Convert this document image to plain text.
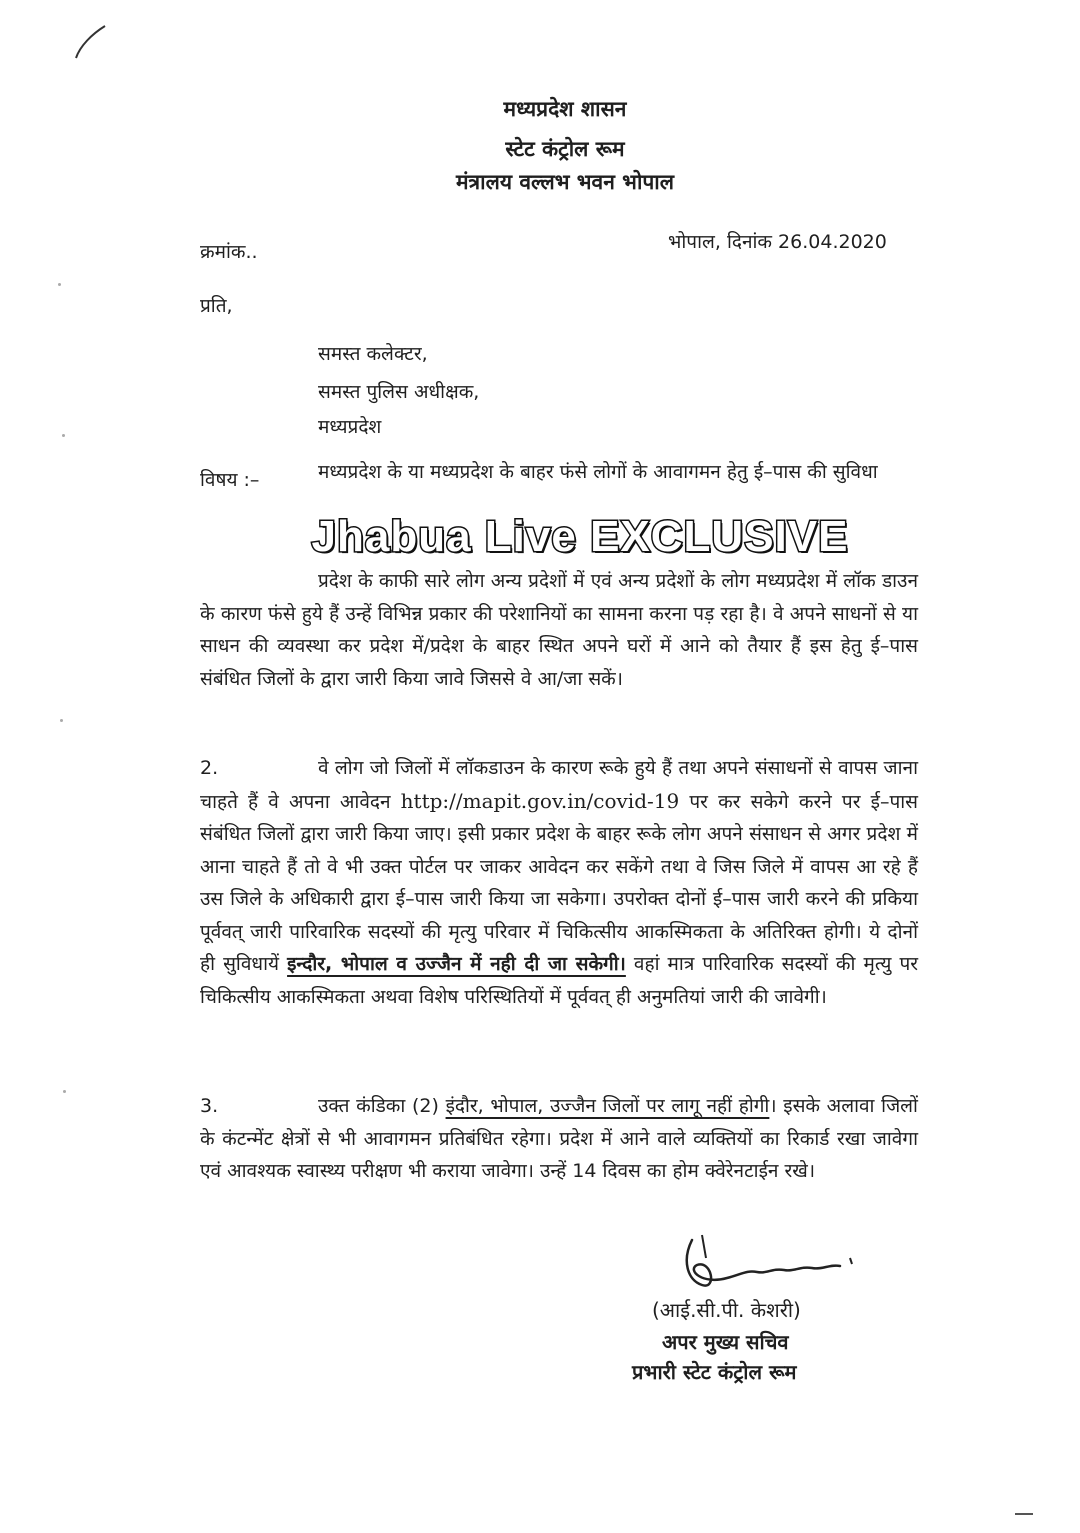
मध्यप्रदेश शासन
स्टेट कंट्रोल रूम
मंत्रालय वल्लभ भवन भोपाल
क्रमांक..	भोपाल, दिनांक 26.04.2020
प्रति,
समस्त कलेक्टर,
समस्त पुलिस अधीक्षक,
मध्यप्रदेश
विषय :–	मध्यप्रदेश के या मध्यप्रदेश के बाहर फंसे लोगों के आवागमन हेतु ई–पास की सुविधा
Jhabua Live EXCLUSIVE
प्रदेश के काफी सारे लोग अन्य प्रदेशों में एवं अन्य प्रदेशों के लोग मध्यप्रदेश में लॉक डाउन के कारण फंसे हुये हैं उन्हें विभिन्न प्रकार की परेशानियों का सामना करना पड़ रहा है। वे अपने साधनों से या साधन की व्यवस्था कर प्रदेश में/प्रदेश के बाहर स्थित अपने घरों में आने को तैयार हैं इस हेतु ई–पास संबंधित जिलों के द्वारा जारी किया जावे जिससे वे आ/जा सकें।
2.	वे लोग जो जिलों में लॉकडाउन के कारण रूके हुये हैं तथा अपने संसाधनों से वापस जाना चाहते हैं वे अपना आवेदन http://mapit.gov.in/covid-19 पर कर सकेगे करने पर ई–पास संबंधित जिलों द्वारा जारी किया जाए। इसी प्रकार प्रदेश के बाहर रूके लोग अपने संसाधन से अगर प्रदेश में आना चाहते हैं तो वे भी उक्त पोर्टल पर जाकर आवेदन कर सकेंगे तथा वे जिस जिले में वापस आ रहे हैं उस जिले के अधिकारी द्वारा ई–पास जारी किया जा सकेगा। उपरोक्त दोनों ई–पास जारी करने की प्रकिया पूर्ववत् जारी पारिवारिक सदस्यों की मृत्यु परिवार में चिकित्सीय आकस्मिकता के अतिरिक्त होगी। ये दोनों ही सुविधायें इन्दौर, भोपाल व उज्जैन में नही दी जा सकेगी। वहां मात्र पारिवारिक सदस्यों की मृत्यु पर चिकित्सीय आकस्मिकता अथवा विशेष परिस्थितियों में पूर्ववत् ही अनुमतियां जारी की जावेगी।
3.	उक्त कंडिका (2) इंदौर, भोपाल, उज्जैन जिलों पर लागू नहीं होगी। इसके अलावा जिलों के कंटन्मेंट क्षेत्रों से भी आवागमन प्रतिबंधित रहेगा। प्रदेश में आने वाले व्यक्तियों का रिकार्ड रखा जावेगा एवं आवश्यक स्वास्थ्य परीक्षण भी कराया जावेगा। उन्हें 14 दिवस का होम क्वेरेनटाईन रखे।
(आई.सी.पी. केशरी)
अपर मुख्य सचिव
प्रभारी स्टेट कंट्रोल रूम
